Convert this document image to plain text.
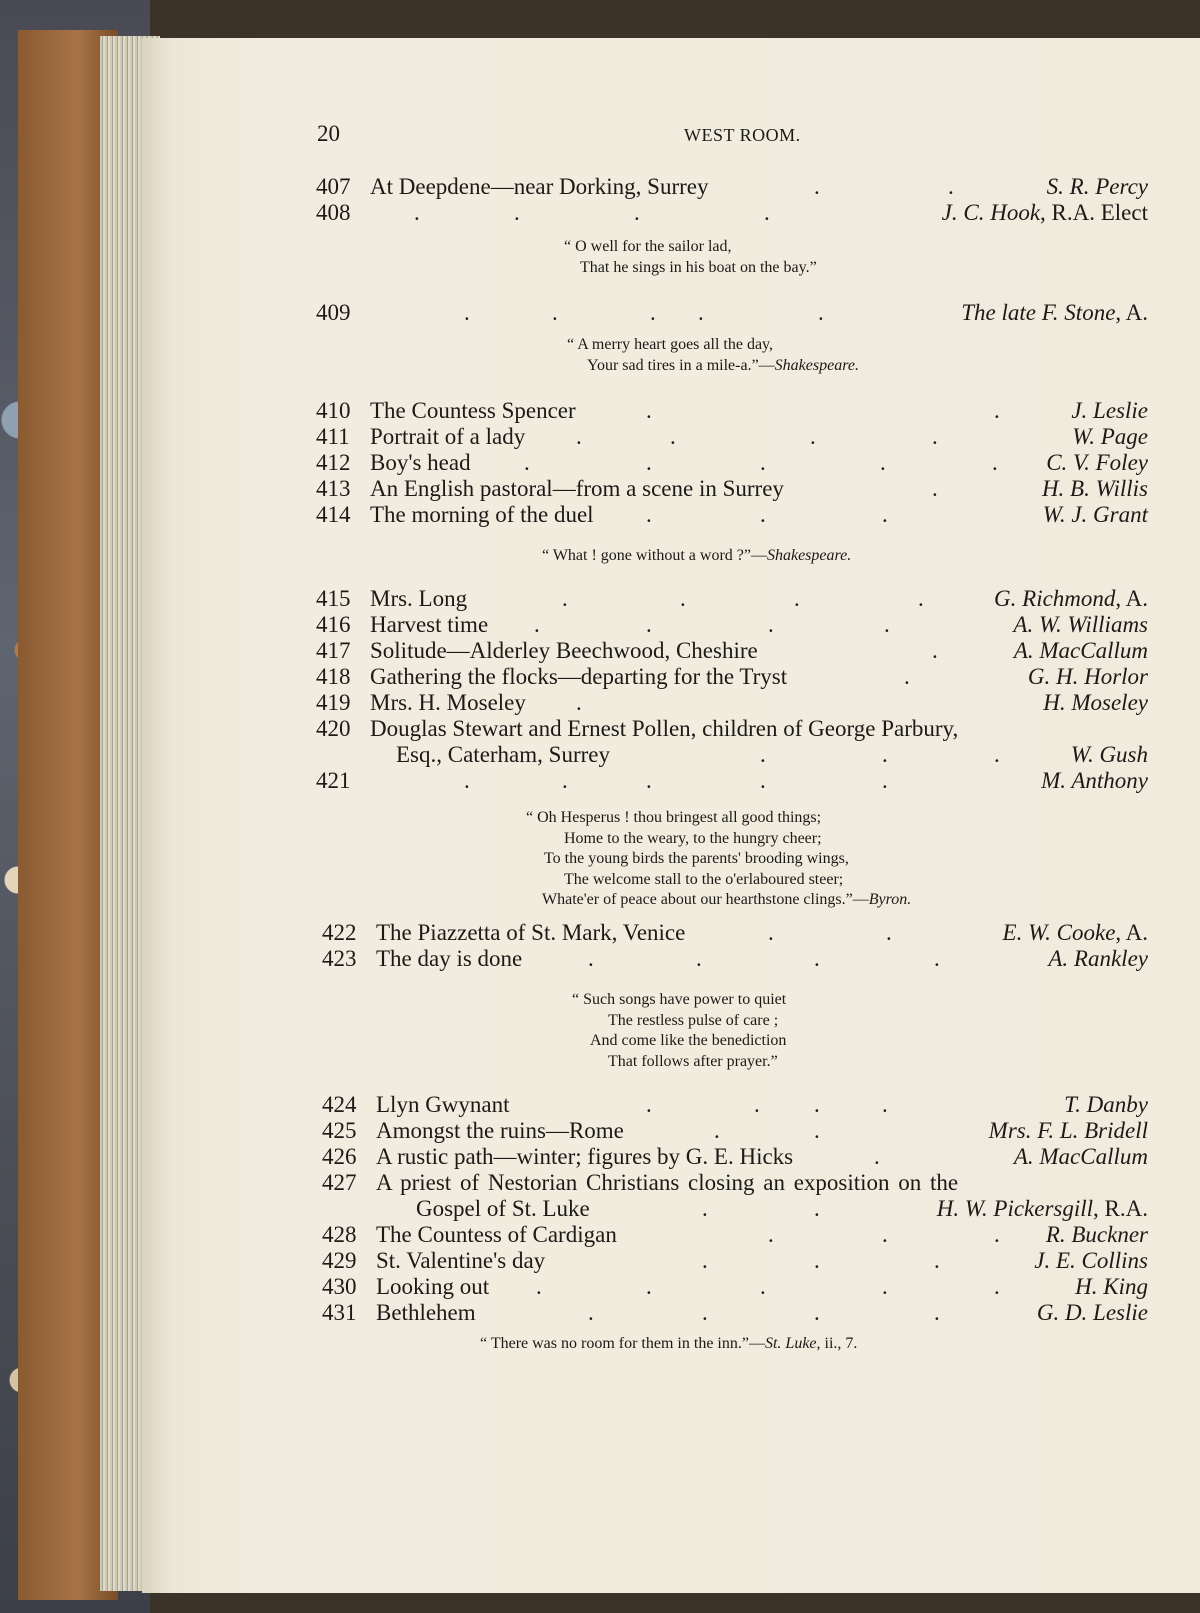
20	WEST ROOM.
407 At Deepdene—near Dorking, Surrey	.	.	S. R. Percy
408	.	.	.	.	J. C. Hook, R.A. Elect
“ O well for the sailor lad,
That he sings in his boat on the bay.”
409	.	.	. .	.	The late F. Stone, A.
“ A merry heart goes all the day,
Your sad tires in a mile-a.”—Shakespeare.
410 The Countess Spencer	.	.	J. Leslie
411 Portrait of a lady .	.	.	.	W. Page
412 Boy's head .	.	.	.	. C. V. Foley
413 An English pastoral—from a scene in Surrey	.	H. B. Willis
414 The morning of the duel .	.	.	W. J. Grant
“ What ! gone without a word ?”—Shakespeare.
415 Mrs. Long	.	.	.	.	G. Richmond, A.
416 Harvest time .	.	.	.	A. W. Williams
417 Solitude—Alderley Beechwood, Cheshire	.	A. MacCallum
418 Gathering the flocks—departing for the Tryst	.	G. H. Horlor
419 Mrs. H. Moseley .	H. Moseley
420 Douglas Stewart and Ernest Pollen, children of George Parbury,
Esq., Caterham, Surrey	.	.	.	W. Gush
421	.	.	.	.	.	M. Anthony
“ Oh Hesperus ! thou bringest all good things;
Home to the weary, to the hungry cheer;
To the young birds the parents' brooding wings,
The welcome stall to the o'erlaboured steer;
Whate'er of peace about our hearthstone clings.”—Byron.
422 The Piazzetta of St. Mark, Venice	.	.	E. W. Cooke, A.
423 The day is done	.	.	.	.	A. Rankley
“ Such songs have power to quiet
The restless pulse of care ;
And come like the benediction
That follows after prayer.”
424 Llyn Gwynant	.	. .	.	T. Danby
425 Amongst the ruins—Rome	.	.	Mrs. F. L. Bridell
426 A rustic path—winter; figures by G. E. Hicks	.	A. MacCallum
427 A priest of Nestorian Christians closing an exposition on the
Gospel of St. Luke	.	.	H. W. Pickersgill, R.A.
428 The Countess of Cardigan	.	.	. R. Buckner
429 St. Valentine's day	.	.	.	J. E. Collins
430 Looking out .	.	.	.	.	H. King
431 Bethlehem	.	.	.	.	G. D. Leslie
“ There was no room for them in the inn.”—St. Luke, ii., 7.
